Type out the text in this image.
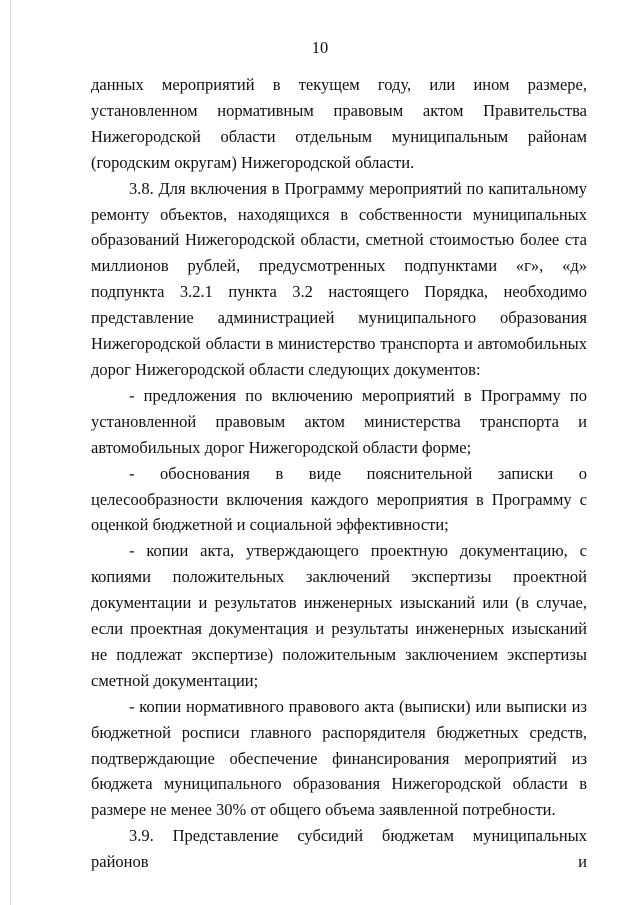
10

данных мероприятий в текущем году, или ином размере, установленном нормативным правовым актом Правительства Нижегородской области отдельным муниципальным районам (городским округам) Нижегородской области.

3.8. Для включения в Программу мероприятий по капитальному ремонту объектов, находящихся в собственности муниципальных образований Нижегородской области, сметной стоимостью более ста миллионов рублей, предусмотренных подпунктами «г», «д» подпункта 3.2.1 пункта 3.2 настоящего Порядка, необходимо представление администрацией муниципального образования Нижегородской области в министерство транспорта и автомобильных дорог Нижегородской области следующих документов:

- предложения по включению мероприятий в Программу по установленной правовым актом министерства транспорта и автомобильных дорог Нижегородской области форме;

- обоснования в виде пояснительной записки о целесообразности включения каждого мероприятия в Программу с оценкой бюджетной и социальной эффективности;

- копии акта, утверждающего проектную документацию, с копиями положительных заключений экспертизы проектной документации и результатов инженерных изысканий или (в случае, если проектная документация и результаты инженерных изысканий не подлежат экспертизе) положительным заключением экспертизы сметной документации;

- копии нормативного правового акта (выписки) или выписки из бюджетной росписи главного распорядителя бюджетных средств, подтверждающие обеспечение финансирования мероприятий из бюджета муниципального образования Нижегородской области в размере не менее 30% от общего объема заявленной потребности.

3.9. Представление субсидий бюджетам муниципальных районов и
